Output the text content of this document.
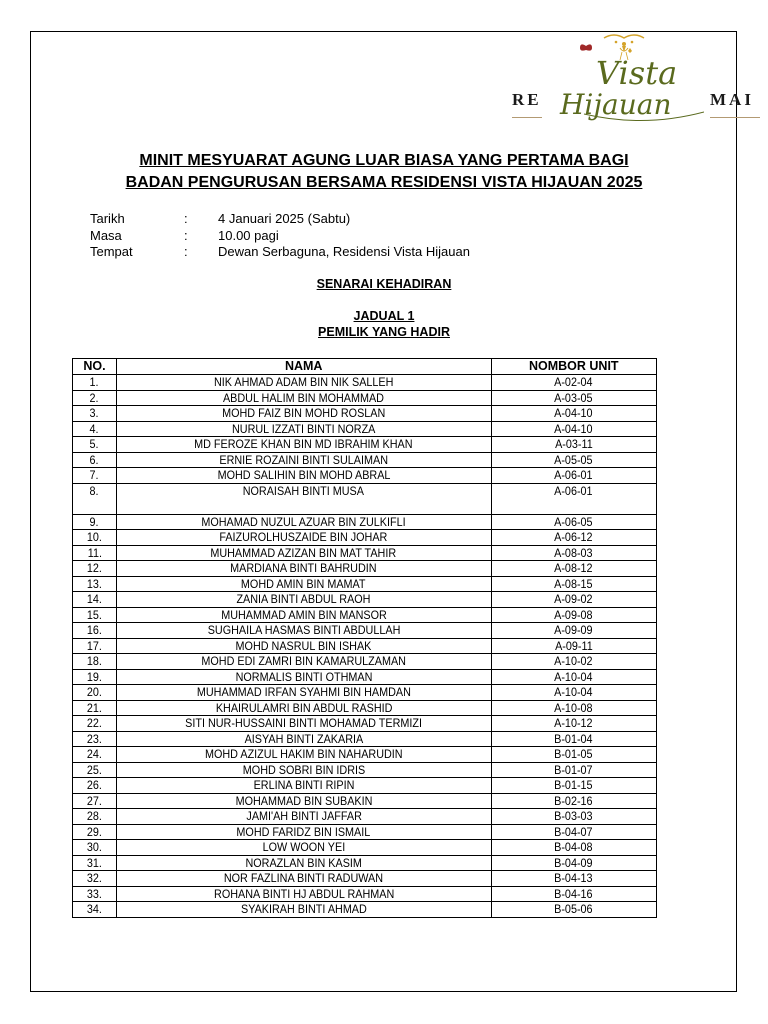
RE	MAI
Vista
Hijauan
MINIT MESYUARAT AGUNG LUAR BIASA YANG PERTAMA BAGI
BADAN PENGURUSAN BERSAMA RESIDENSI VISTA HIJAUAN 2025
Tarikh	: 4 Januari 2025 (Sabtu)
Masa	: 10.00 pagi
Tempat	: Dewan Serbaguna, Residensi Vista Hijauan
SENARAI KEHADIRAN
JADUAL 1
PEMILIK YANG HADIR
NO.	NAMA	NOMBOR UNIT
1.	NIK AHMAD ADAM BIN NIK SALLEH	A-02-04
2.	ABDUL HALIM BIN MOHAMMAD	A-03-05
3.	MOHD FAIZ BIN MOHD ROSLAN	A-04-10
4.	NURUL IZZATI BINTI NORZA	A-04-10
5.	MD FEROZE KHAN BIN MD IBRAHIM KHAN	A-03-11
6.	ERNIE ROZAINI BINTI SULAIMAN	A-05-05
7.	MOHD SALIHIN BIN MOHD ABRAL	A-06-01
8.	NORAISAH BINTI MUSA	A-06-01
9.	MOHAMAD NUZUL AZUAR BIN ZULKIFLI	A-06-05
10.	FAIZUROLHUSZAIDE BIN JOHAR	A-06-12
11.	MUHAMMAD AZIZAN BIN MAT TAHIR	A-08-03
12.	MARDIANA BINTI BAHRUDIN	A-08-12
13.	MOHD AMIN BIN MAMAT	A-08-15
14.	ZANIA BINTI ABDUL RAOH	A-09-02
15.	MUHAMMAD AMIN BIN MANSOR	A-09-08
16.	SUGHAILA HASMAS BINTI ABDULLAH	A-09-09
17.	MOHD NASRUL BIN ISHAK	A-09-11
18.	MOHD EDI ZAMRI BIN KAMARULZAMAN	A-10-02
19.	NORMALIS BINTI OTHMAN	A-10-04
20.	MUHAMMAD IRFAN SYAHMI BIN HAMDAN	A-10-04
21.	KHAIRULAMRI BIN ABDUL RASHID	A-10-08
22.	SITI NUR-HUSSAINI BINTI MOHAMAD TERMIZI	A-10-12
23.	AISYAH BINTI ZAKARIA	B-01-04
24.	MOHD AZIZUL HAKIM BIN NAHARUDIN	B-01-05
25.	MOHD SOBRI BIN IDRIS	B-01-07
26.	ERLINA BINTI RIPIN	B-01-15
27.	MOHAMMAD BIN SUBAKIN	B-02-16
28.	JAMI'AH BINTI JAFFAR	B-03-03
29.	MOHD FARIDZ BIN ISMAIL	B-04-07
30.	LOW WOON YEI	B-04-08
31.	NORAZLAN BIN KASIM	B-04-09
32.	NOR FAZLINA BINTI RADUWAN	B-04-13
33.	ROHANA BINTI HJ ABDUL RAHMAN	B-04-16
34.	SYAKIRAH BINTI AHMAD	B-05-06
